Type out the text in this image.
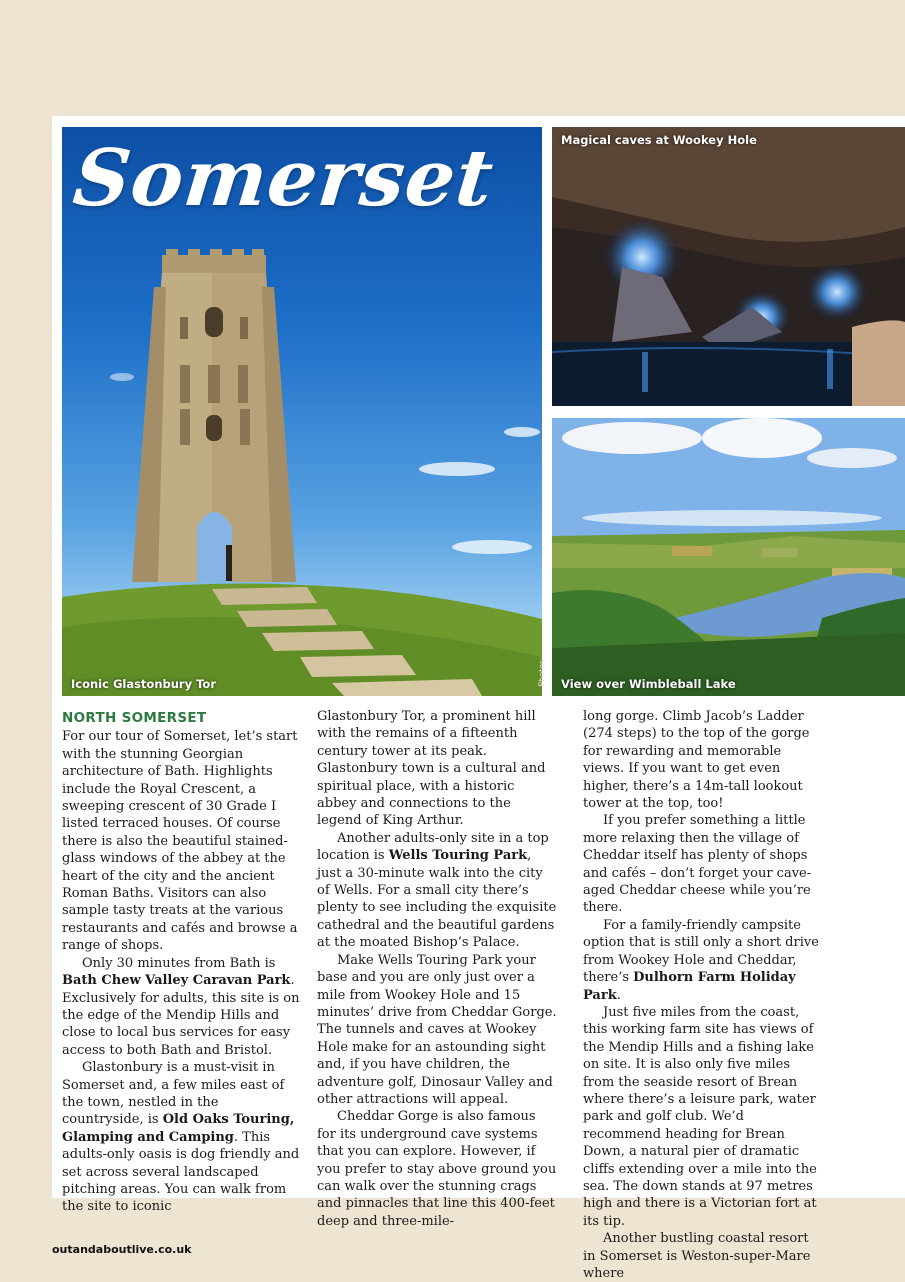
Somerset
Photos:
Iconic Glastonbury Tor
Magical caves at Wookey Hole
View over Wimbleball Lake
NORTH SOMERSET

For our tour of Somerset, let’s start with the stunning Georgian architecture of Bath. Highlights include the Royal Crescent, a sweeping crescent of 30 Grade I listed terraced houses. Of course there is also the beautiful stained-glass windows of the abbey at the heart of the city and the ancient Roman Baths. Visitors can also sample tasty treats at the various restaurants and cafés and browse a range of shops.

Only 30 minutes from Bath is Bath Chew Valley Caravan Park. Exclusively for adults, this site is on the edge of the Mendip Hills and close to local bus services for easy access to both Bath and Bristol.

Glastonbury is a must-visit in Somerset and, a few miles east of the town, nestled in the countryside, is Old Oaks Touring, Glamping and Camping. This adults-only oasis is dog friendly and set across several landscaped pitching areas. You can walk from the site to iconic

Glastonbury Tor, a prominent hill with the remains of a fifteenth century tower at its peak. Glastonbury town is a cultural and spiritual place, with a historic abbey and connections to the legend of King Arthur.

Another adults-only site in a top location is Wells Touring Park, just a 30-minute walk into the city of Wells. For a small city there’s plenty to see including the exquisite cathedral and the beautiful gardens at the moated Bishop’s Palace.

Make Wells Touring Park your base and you are only just over a mile from Wookey Hole and 15 minutes’ drive from Cheddar Gorge. The tunnels and caves at Wookey Hole make for an astounding sight and, if you have children, the adventure golf, Dinosaur Valley and other attractions will appeal.

Cheddar Gorge is also famous for its underground cave systems that you can explore. However, if you prefer to stay above ground you can walk over the stunning crags and pinnacles that line this 400-feet deep and three-mile-

long gorge. Climb Jacob’s Ladder (274 steps) to the top of the gorge for rewarding and memorable views. If you want to get even higher, there’s a 14m-tall lookout tower at the top, too!

If you prefer something a little more relaxing then the village of Cheddar itself has plenty of shops and cafés – don’t forget your cave-aged Cheddar cheese while you’re there.

For a family-friendly campsite option that is still only a short drive from Wookey Hole and Cheddar, there’s Dulhorn Farm Holiday Park.

Just five miles from the coast, this working farm site has views of the Mendip Hills and a fishing lake on site. It is also only five miles from the seaside resort of Brean where there’s a leisure park, water park and golf club. We’d recommend heading for Brean Down, a natural pier of dramatic cliffs extending over a mile into the sea. The down stands at 97 metres high and there is a Victorian fort at its tip.

Another bustling coastal resort in Somerset is Weston-super-Mare where

outandaboutlive.co.uk
